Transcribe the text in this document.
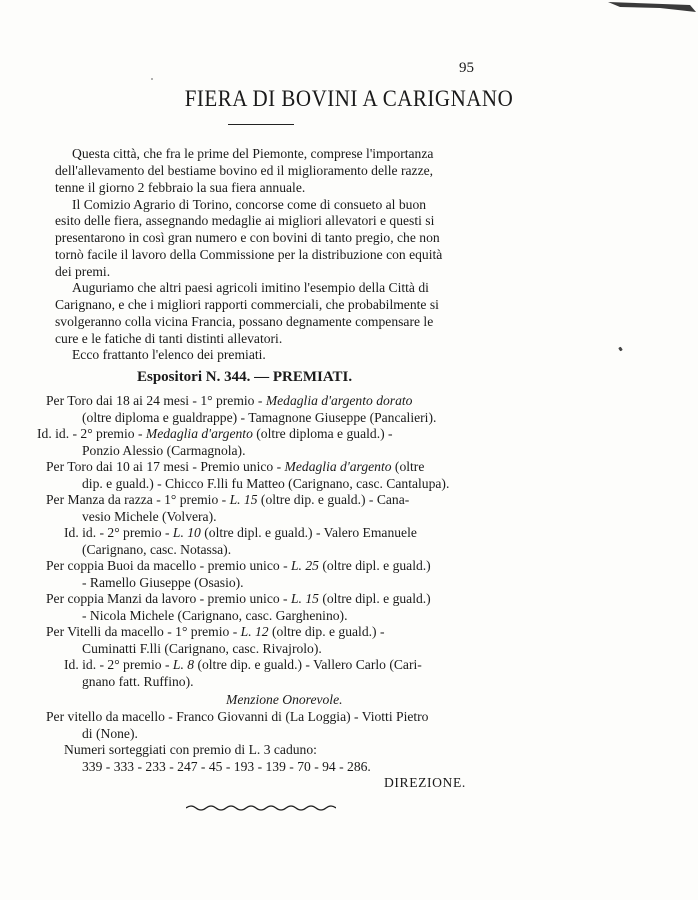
95
FIERA DI BOVINI A CARIGNANO
Questa città, che fra le prime del Piemonte, comprese l'importanza
dell'allevamento del bestiame bovino ed il miglioramento delle razze,
tenne il giorno 2 febbraio la sua fiera annuale.
Il Comizio Agrario di Torino, concorse come di consueto al buon
esito delle fiera, assegnando medaglie ai migliori allevatori e questi si
presentarono in così gran numero e con bovini di tanto pregio, che non
tornò facile il lavoro della Commissione per la distribuzione con equità
dei premi.
Auguriamo che altri paesi agricoli imitino l'esempio della Città di
Carignano, e che i migliori rapporti commerciali, che probabilmente si
svolgeranno colla vicina Francia, possano degnamente compensare le
cure e le fatiche di tanti distinti allevatori.
Ecco frattanto l'elenco dei premiati.
Espositori N. 344. — PREMIATI.
Per Toro dai 18 ai 24 mesi - 1° premio - Medaglia d'argento dorato
(oltre diploma e gualdrappe) - Tamagnone Giuseppe (Pancalieri).
Id. id. - 2° premio - Medaglia d'argento (oltre diploma e guald.) -
Ponzio Alessio (Carmagnola).
Per Toro dai 10 ai 17 mesi - Premio unico - Medaglia d'argento (oltre
dip. e guald.) - Chicco F.lli fu Matteo (Carignano, casc. Cantalupa).
Per Manza da razza - 1° premio - L. 15 (oltre dip. e guald.) - Cana-
vesio Michele (Volvera).
Id. id. - 2° premio - L. 10 (oltre dipl. e guald.) - Valero Emanuele
(Carignano, casc. Notassa).
Per coppia Buoi da macello - premio unico - L. 25 (oltre dipl. e guald.)
- Ramello Giuseppe (Osasio).
Per coppia Manzi da lavoro - premio unico - L. 15 (oltre dipl. e guald.)
- Nicola Michele (Carignano, casc. Garghenino).
Per Vitelli da macello - 1° premio - L. 12 (oltre dip. e guald.) -
Cuminatti F.lli (Carignano, casc. Rivajrolo).
Id. id. - 2° premio - L. 8 (oltre dip. e guald.) - Vallero Carlo (Cari-
gnano fatt. Ruffino).
Menzione Onorevole.
Per vitello da macello - Franco Giovanni di (La Loggia) - Viotti Pietro
di (None).
Numeri sorteggiati con premio di L. 3 caduno:
339 - 333 - 233 - 247 - 45 - 193 - 139 - 70 - 94 - 286.
DIREZIONE.
